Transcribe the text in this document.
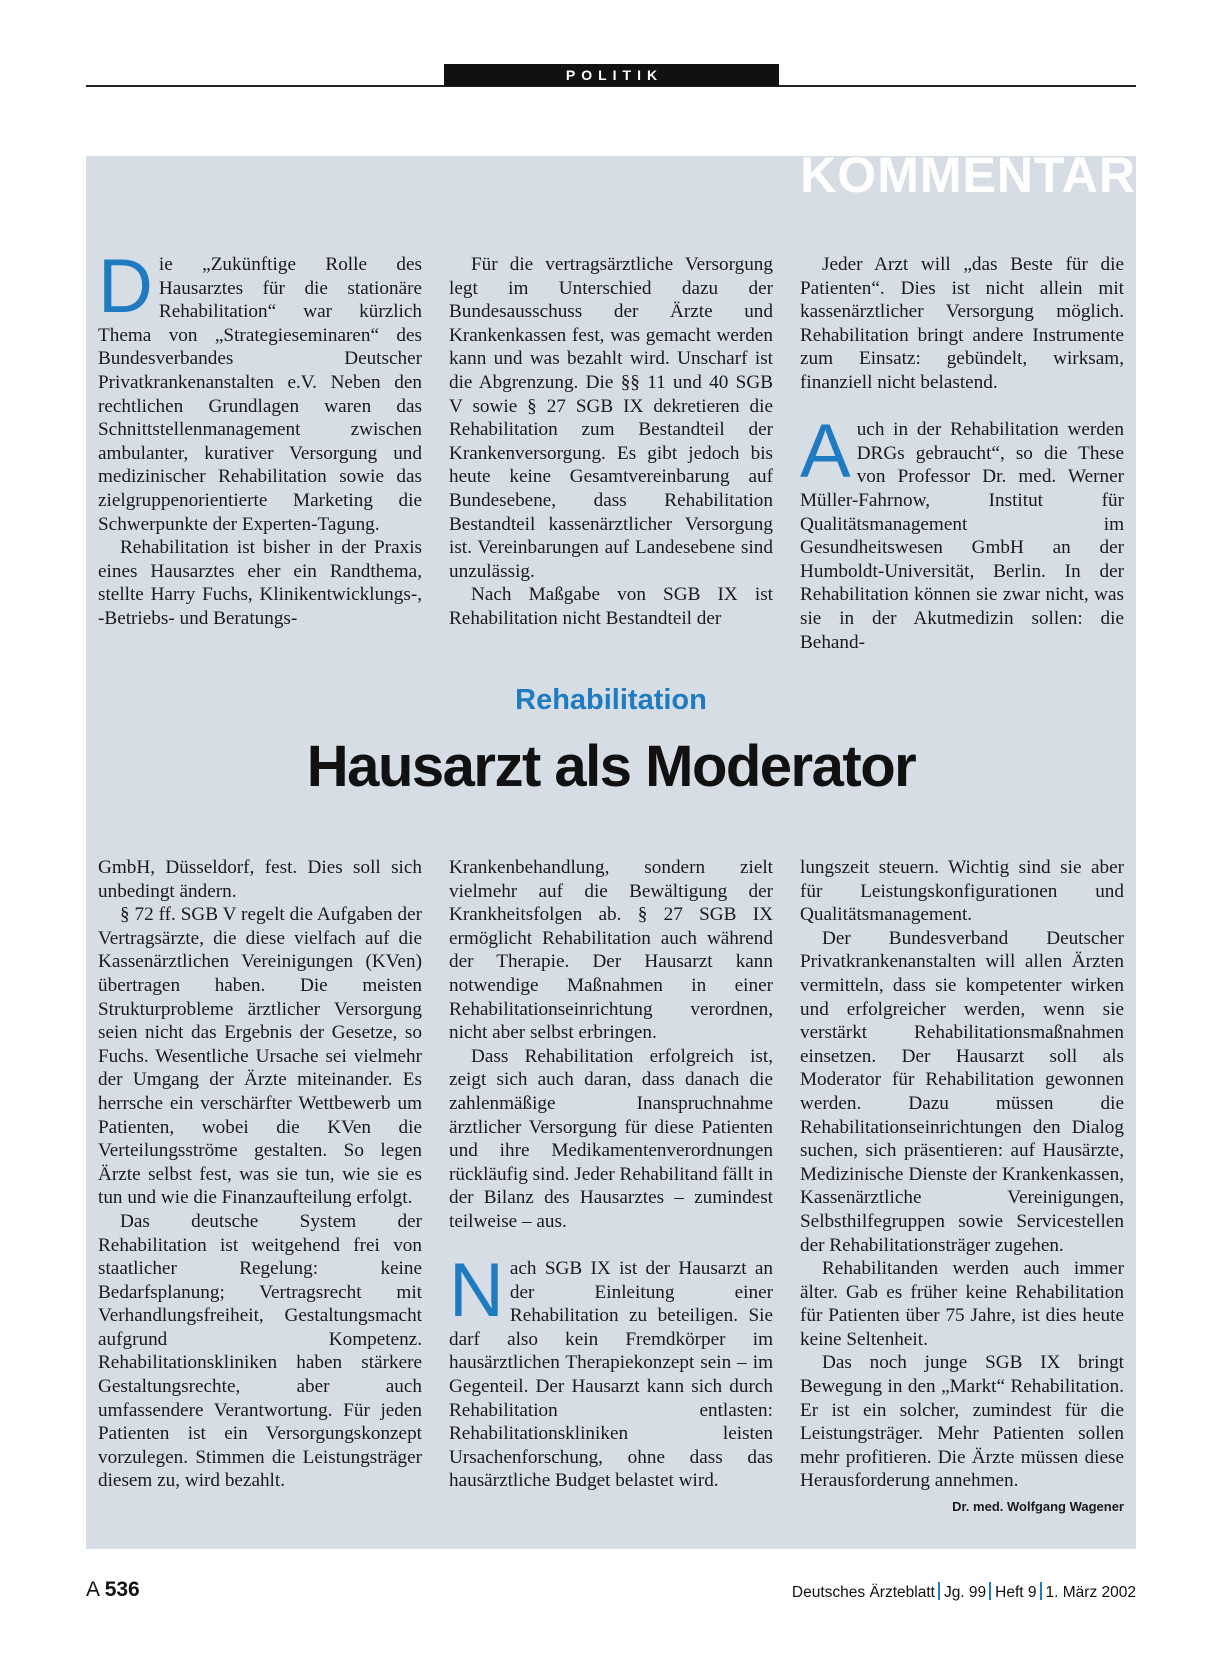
POLITIK
KOMMENTAR

Die „Zukünftige Rolle des Hausarztes für die stationäre Rehabilitation“ war kürzlich Thema von „Strategieseminaren“ des Bundesverbandes Deutscher Privatkrankenanstalten e.V. Neben den rechtlichen Grundlagen waren das Schnittstellenmanagement zwischen ambulanter, kurativer Versorgung und medizinischer Rehabilitation sowie das zielgruppenorientierte Marketing die Schwerpunkte der Experten-Tagung.

Rehabilitation ist bisher in der Praxis eines Hausarztes eher ein Randthema, stellte Harry Fuchs, Klinikentwicklungs-, -Betriebs- und Beratungs-

Für die vertragsärztliche Versorgung legt im Unterschied dazu der Bundesausschuss der Ärzte und Krankenkassen fest, was gemacht werden kann und was bezahlt wird. Unscharf ist die Abgrenzung. Die §§ 11 und 40 SGB V sowie § 27 SGB IX dekretieren die Rehabilitation zum Bestandteil der Krankenversorgung. Es gibt jedoch bis heute keine Gesamtvereinbarung auf Bundesebene, dass Rehabilitation Bestandteil kassenärztlicher Versorgung ist. Vereinbarungen auf Landesebene sind unzulässig.

Nach Maßgabe von SGB IX ist Rehabilitation nicht Bestandteil der

Jeder Arzt will „das Beste für die Patienten“. Dies ist nicht allein mit kassenärztlicher Versorgung möglich. Rehabilitation bringt andere Instrumente zum Einsatz: gebündelt, wirksam, finanziell nicht belastend.

Auch in der Rehabilitation werden DRGs gebraucht“, so die These von Professor Dr. med. Werner Müller-Fahrnow, Institut für Qualitätsmanagement im Gesundheitswesen GmbH an der Humboldt-Universität, Berlin. In der Rehabilitation können sie zwar nicht, was sie in der Akutmedizin sollen: die Behand-

Rehabilitation
Hausarzt als Moderator

GmbH, Düsseldorf, fest. Dies soll sich unbedingt ändern.

§ 72 ff. SGB V regelt die Aufgaben der Vertragsärzte, die diese vielfach auf die Kassenärztlichen Vereinigungen (KVen) übertragen haben. Die meisten Strukturprobleme ärztlicher Versorgung seien nicht das Ergebnis der Gesetze, so Fuchs. Wesentliche Ursache sei vielmehr der Umgang der Ärzte miteinander. Es herrsche ein verschärfter Wettbewerb um Patienten, wobei die KVen die Verteilungsströme gestalten. So legen Ärzte selbst fest, was sie tun, wie sie es tun und wie die Finanzaufteilung erfolgt.

Das deutsche System der Rehabilitation ist weitgehend frei von staatlicher Regelung: keine Bedarfsplanung; Vertragsrecht mit Verhandlungsfreiheit, Gestaltungsmacht aufgrund Kompetenz. Rehabilitationskliniken haben stärkere Gestaltungsrechte, aber auch umfassendere Verantwortung. Für jeden Patienten ist ein Versorgungskonzept vorzulegen. Stimmen die Leistungsträger diesem zu, wird bezahlt.

Krankenbehandlung, sondern zielt vielmehr auf die Bewältigung der Krankheitsfolgen ab. § 27 SGB IX ermöglicht Rehabilitation auch während der Therapie. Der Hausarzt kann notwendige Maßnahmen in einer Rehabilitationseinrichtung verordnen, nicht aber selbst erbringen.

Dass Rehabilitation erfolgreich ist, zeigt sich auch daran, dass danach die zahlenmäßige Inanspruchnahme ärztlicher Versorgung für diese Patienten und ihre Medikamentenverordnungen rückläufig sind. Jeder Rehabilitand fällt in der Bilanz des Hausarztes – zumindest teilweise – aus.

Nach SGB IX ist der Hausarzt an der Einleitung einer Rehabilitation zu beteiligen. Sie darf also kein Fremdkörper im hausärztlichen Therapiekonzept sein – im Gegenteil. Der Hausarzt kann sich durch Rehabilitation entlasten: Rehabilitationskliniken leisten Ursachenforschung, ohne dass das hausärztliche Budget belastet wird.

lungszeit steuern. Wichtig sind sie aber für Leistungskonfigurationen und Qualitätsmanagement.

Der Bundesverband Deutscher Privatkrankenanstalten will allen Ärzten vermitteln, dass sie kompetenter wirken und erfolgreicher werden, wenn sie verstärkt Rehabilitationsmaßnahmen einsetzen. Der Hausarzt soll als Moderator für Rehabilitation gewonnen werden. Dazu müssen die Rehabilitationseinrichtungen den Dialog suchen, sich präsentieren: auf Hausärzte, Medizinische Dienste der Krankenkassen, Kassenärztliche Vereinigungen, Selbsthilfegruppen sowie Servicestellen der Rehabilitationsträger zugehen.

Rehabilitanden werden auch immer älter. Gab es früher keine Rehabilitation für Patienten über 75 Jahre, ist dies heute keine Seltenheit.

Das noch junge SGB IX bringt Bewegung in den „Markt“ Rehabilitation. Er ist ein solcher, zumindest für die Leistungsträger. Mehr Patienten sollen mehr profitieren. Die Ärzte müssen diese Herausforderung annehmen.
Dr. med. Wolfgang Wagener

A 536	Deutsches Ärzteblatt Jg. 99 Heft 9 1. März 2002
